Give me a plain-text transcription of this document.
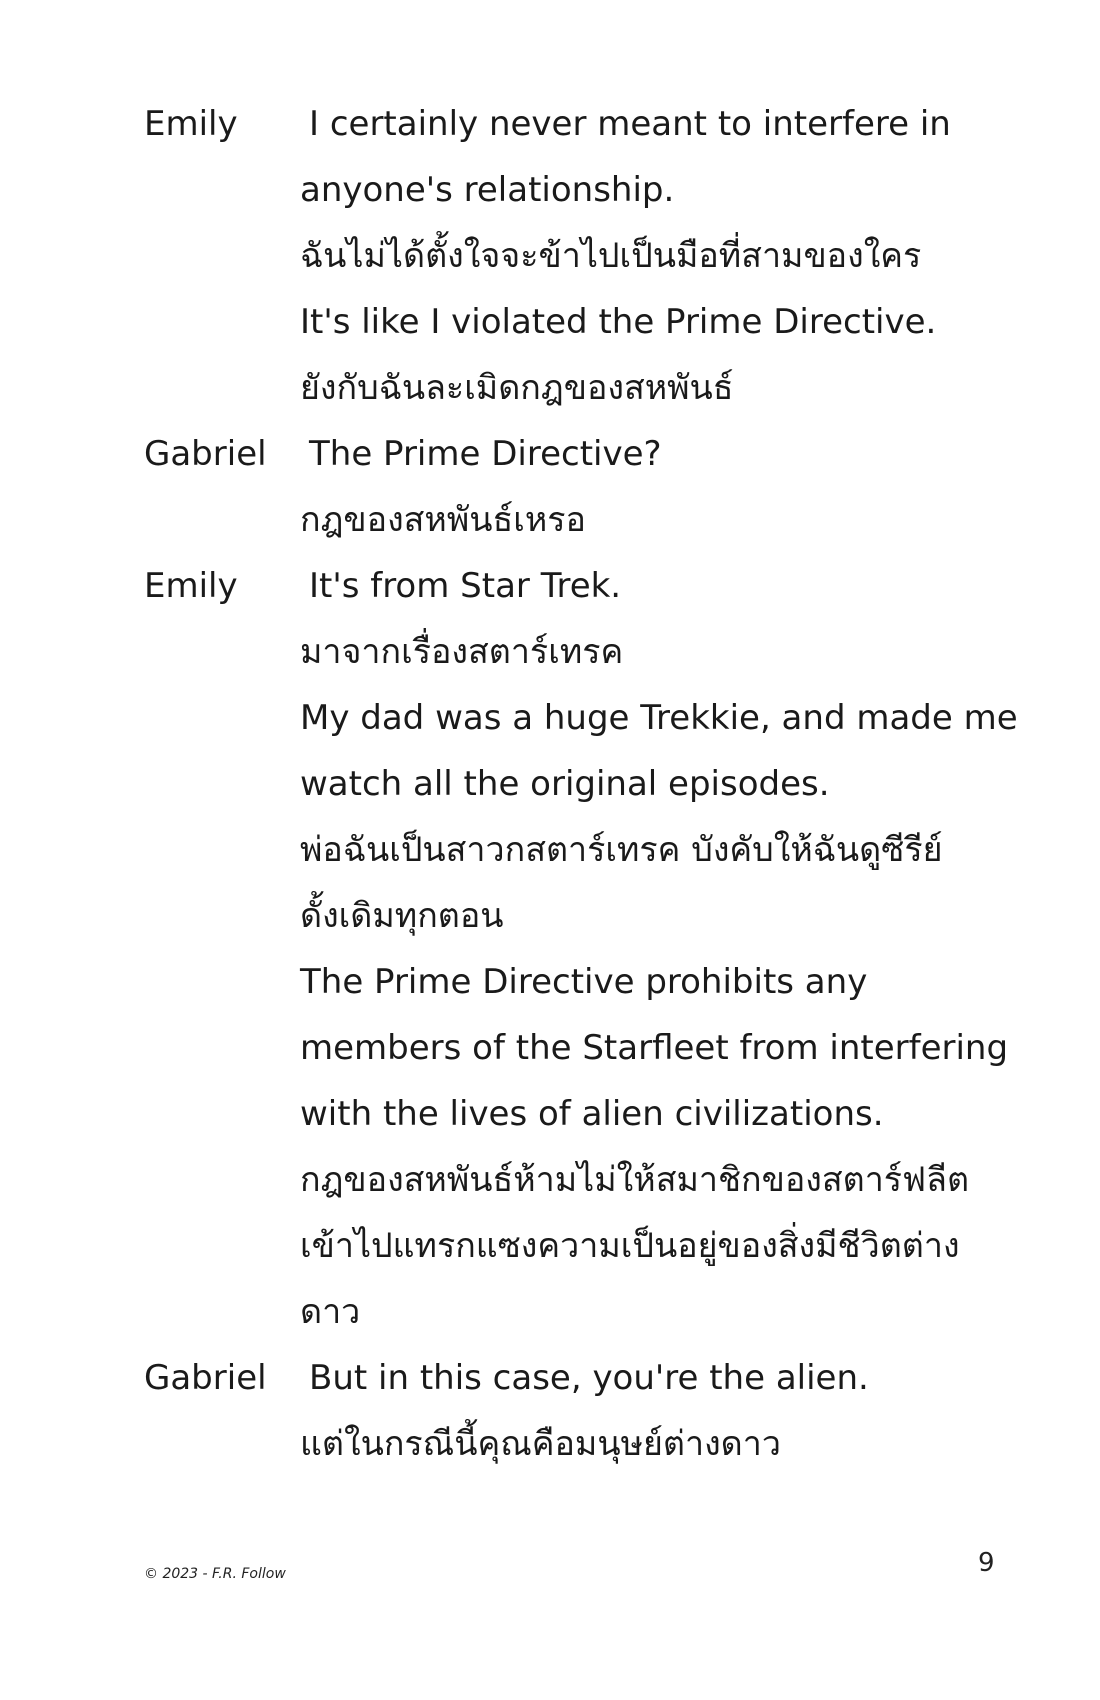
Emily I certainly never meant to interfere in
anyone's relationship.
ฉันไม่ได้ตั้งใจจะข้าไปเป็นมือที่สามของใคร
It's like I violated the Prime Directive.
ยังกับฉันละเมิดกฎของสหพันธ์
Gabriel The Prime Directive?
กฎของสหพันธ์เหรอ
Emily It's from Star Trek.
มาจากเรื่องสตาร์เทรค
My dad was a huge Trekkie, and made me
watch all the original episodes.
พ่อฉันเป็นสาวกสตาร์เทรค บังคับให้ฉันดูซีรีย์
ดั้งเดิมทุกตอน
The Prime Directive prohibits any
members of the Starfleet from interfering
with the lives of alien civilizations.
กฎของสหพันธ์ห้ามไม่ให้สมาชิกของสตาร์ฟลีต
เข้าไปแทรกแซงความเป็นอยู่ของสิ่งมีชีวิตต่าง
ดาว
Gabriel But in this case, you're the alien.
แต่ในกรณีนี้คุณคือมนุษย์ต่างดาว
© 2023 - F.R. Follow	9
